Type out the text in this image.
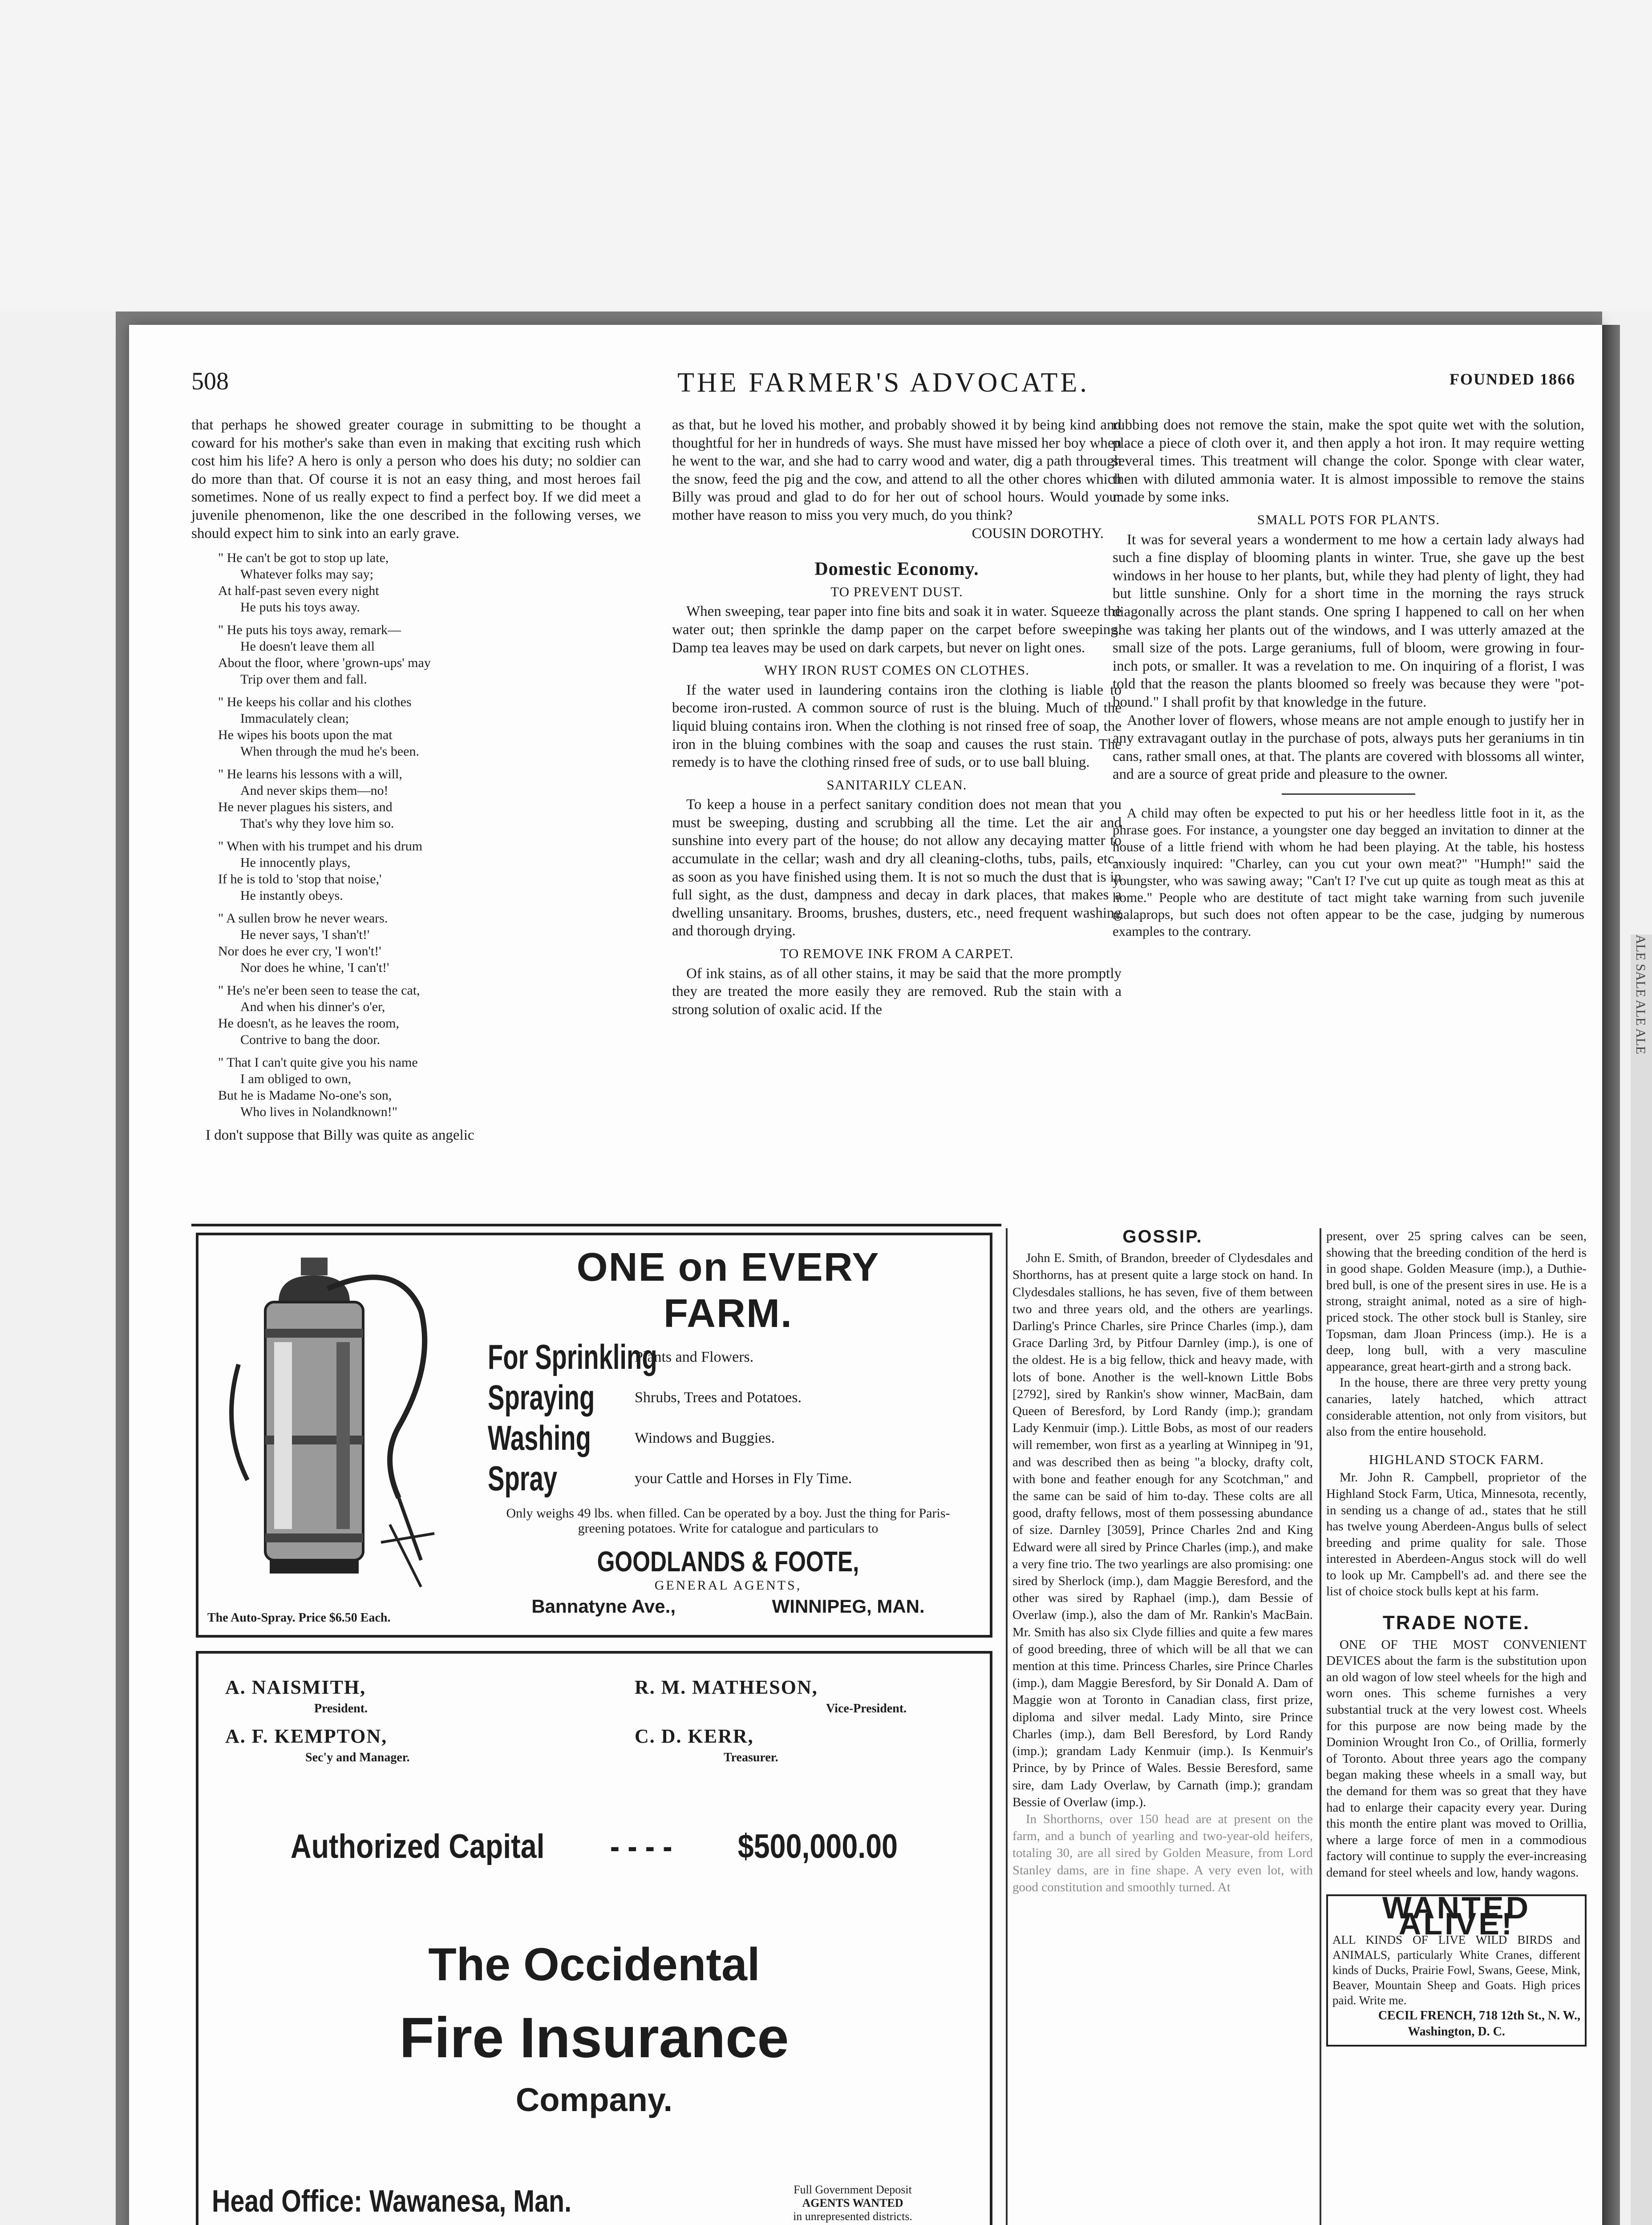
ALE SALE ALE ALE
508	THE FARMER'S ADVOCATE.	FOUNDED 1866

that perhaps he showed greater courage in submitting to be thought a coward for his mother's sake than even in making that exciting rush which cost him his life? A hero is only a person who does his duty; no soldier can do more than that. Of course it is not an easy thing, and most heroes fail sometimes. None of us really expect to find a perfect boy. If we did meet a juvenile phenomenon, like the one described in the following verses, we should expect him to sink into an early grave.

" He can't be got to stop up late,
Whatever folks may say;
At half-past seven every night
He puts his toys away.
" He puts his toys away, remark—
He doesn't leave them all
About the floor, where 'grown-ups' may
Trip over them and fall.
" He keeps his collar and his clothes
Immaculately clean;
He wipes his boots upon the mat
When through the mud he's been.
" He learns his lessons with a will,
And never skips them—no!
He never plagues his sisters, and
That's why they love him so.
" When with his trumpet and his drum
He innocently plays,
If he is told to 'stop that noise,'
He instantly obeys.
" A sullen brow he never wears.
He never says, 'I shan't!'
Nor does he ever cry, 'I won't!'
Nor does he whine, 'I can't!'
" He's ne'er been seen to tease the cat,
And when his dinner's o'er,
He doesn't, as he leaves the room,
Contrive to bang the door.
" That I can't quite give you his name
I am obliged to own,
But he is Madame No-one's son,
Who lives in Nolandknown!"

I don't suppose that Billy was quite as angelic

as that, but he loved his mother, and probably showed it by being kind and thoughtful for her in hundreds of ways. She must have missed her boy when he went to the war, and she had to carry wood and water, dig a path through the snow, feed the pig and the cow, and attend to all the other chores which Billy was proud and glad to do for her out of school hours. Would your mother have reason to miss you very much, do you think?

COUSIN DOROTHY.
Domestic Economy.
TO PREVENT DUST.

When sweeping, tear paper into fine bits and soak it in water. Squeeze the water out; then sprinkle the damp paper on the carpet before sweeping. Damp tea leaves may be used on dark carpets, but never on light ones.

WHY IRON RUST COMES ON CLOTHES.

If the water used in laundering contains iron the clothing is liable to become iron-rusted. A common source of rust is the bluing. Much of the liquid bluing contains iron. When the clothing is not rinsed free of soap, the iron in the bluing combines with the soap and causes the rust stain. The remedy is to have the clothing rinsed free of suds, or to use ball bluing.

SANITARILY CLEAN.

To keep a house in a perfect sanitary condition does not mean that you must be sweeping, dusting and scrubbing all the time. Let the air and sunshine into every part of the house; do not allow any decaying matter to accumulate in the cellar; wash and dry all cleaning-cloths, tubs, pails, etc., as soon as you have finished using them. It is not so much the dust that is in full sight, as the dust, dampness and decay in dark places, that makes a dwelling unsanitary. Brooms, brushes, dusters, etc., need frequent washing and thorough drying.

TO REMOVE INK FROM A CARPET.

Of ink stains, as of all other stains, it may be said that the more promptly they are treated the more easily they are removed. Rub the stain with a strong solution of oxalic acid. If the

rubbing does not remove the stain, make the spot quite wet with the solution, place a piece of cloth over it, and then apply a hot iron. It may require wetting several times. This treatment will change the color. Sponge with clear water, then with diluted ammonia water. It is almost impossible to remove the stains made by some inks.

SMALL POTS FOR PLANTS.

It was for several years a wonderment to me how a certain lady always had such a fine display of blooming plants in winter. True, she gave up the best windows in her house to her plants, but, while they had plenty of light, they had but little sunshine. Only for a short time in the morning the rays struck diagonally across the plant stands. One spring I happened to call on her when she was taking her plants out of the windows, and I was utterly amazed at the small size of the pots. Large geraniums, full of bloom, were growing in four-inch pots, or smaller. It was a revelation to me. On inquiring of a florist, I was told that the reason the plants bloomed so freely was because they were "pot-bound." I shall profit by that knowledge in the future.

Another lover of flowers, whose means are not ample enough to justify her in any extravagant outlay in the purchase of pots, always puts her geraniums in tin cans, rather small ones, at that. The plants are covered with blossoms all winter, and are a source of great pride and pleasure to the owner.

A child may often be expected to put his or her heedless little foot in it, as the phrase goes. For instance, a youngster one day begged an invitation to dinner at the house of a little friend with whom he had been playing. At the table, his hostess anxiously inquired: "Charley, can you cut your own meat?" "Humph!" said the youngster, who was sawing away; "Can't I? I've cut up quite as tough meat as this at home." People who are destitute of tact might take warning from such juvenile malaprops, but such does not often appear to be the case, judging by numerous examples to the contrary.

The Auto-Spray. Price $6.50 Each.
ONE on EVERY
FARM.
For Sprinkling
Plants and Flowers.
Spraying	Shrubs, Trees and Potatoes.
Washing	Windows and Buggies.
Spray	your Cattle and Horses in Fly Time.
Only weighs 49 lbs. when filled. Can be operated by a boy. Just the thing for Paris-greening potatoes. Write for catalogue and particulars to
GOODLANDS & FOOTE,
GENERAL AGENTS,
Bannatyne Ave.,	WINNIPEG, MAN.
A. NAISMITH,
President.
R. M. MATHESON,
Vice-President.
A. F. KEMPTON,
Sec'y and Manager.
C. D. KERR,
Treasurer.
Authorized Capital - - - - $500,000.00
The Occidental
Fire Insurance
Company.
Head Office: Wawanesa, Man.	Full Government Deposit
AGENTS WANTED
in unrepresented districts.
GOSSIP.

John E. Smith, of Brandon, breeder of Clydesdales and Shorthorns, has at present quite a large stock on hand. In Clydesdales stallions, he has seven, five of them between two and three years old, and the others are yearlings. Darling's Prince Charles, sire Prince Charles (imp.), dam Grace Darling 3rd, by Pitfour Darnley (imp.), is one of the oldest. He is a big fellow, thick and heavy made, with lots of bone. Another is the well-known Little Bobs [2792], sired by Rankin's show winner, MacBain, dam Queen of Beresford, by Lord Randy (imp.); grandam Lady Kenmuir (imp.). Little Bobs, as most of our readers will remember, won first as a yearling at Winnipeg in '91, and was described then as being "a blocky, drafty colt, with bone and feather enough for any Scotchman," and the same can be said of him to-day. These colts are all good, drafty fellows, most of them possessing abundance of size. Darnley [3059], Prince Charles 2nd and King Edward were all sired by Prince Charles (imp.), and make a very fine trio. The two yearlings are also promising: one sired by Sherlock (imp.), dam Maggie Beresford, and the other was sired by Raphael (imp.), dam Bessie of Overlaw (imp.), also the dam of Mr. Rankin's MacBain. Mr. Smith has also six Clyde fillies and quite a few mares of good breeding, three of which will be all that we can mention at this time. Princess Charles, sire Prince Charles (imp.), dam Maggie Beresford, by Sir Donald A. Dam of Maggie won at Toronto in Canadian class, first prize, diploma and silver medal. Lady Minto, sire Prince Charles (imp.), dam Bell Beresford, by Lord Randy (imp.); grandam Lady Kenmuir (imp.). Is Kenmuir's Prince, by by Prince of Wales. Bessie Beresford, same sire, dam Lady Overlaw, by Carnath (imp.); grandam Bessie of Overlaw (imp.).

In Shorthorns, over 150 head are at present on the farm, and a bunch of yearling and two-year-old heifers, totaling 30, are all sired by Golden Measure, from Lord Stanley dams, are in fine shape. A very even lot, with good constitution and smoothly turned. At

present, over 25 spring calves can be seen, showing that the breeding condition of the herd is in good shape. Golden Measure (imp.), a Duthie-bred bull, is one of the present sires in use. He is a strong, straight animal, noted as a sire of high-priced stock. The other stock bull is Stanley, sire Topsman, dam Jloan Princess (imp.). He is a deep, long bull, with a very masculine appearance, great heart-girth and a strong back.

In the house, there are three very pretty young canaries, lately hatched, which attract considerable attention, not only from visitors, but also from the entire household.

HIGHLAND STOCK FARM.

Mr. John R. Campbell, proprietor of the Highland Stock Farm, Utica, Minnesota, recently, in sending us a change of ad., states that he still has twelve young Aberdeen-Angus bulls of select breeding and prime quality for sale. Those interested in Aberdeen-Angus stock will do well to look up Mr. Campbell's ad. and there see the list of choice stock bulls kept at his farm.

TRADE NOTE.

ONE OF THE MOST CONVENIENT DEVICES about the farm is the substitution upon an old wagon of low steel wheels for the high and worn ones. This scheme furnishes a very substantial truck at the very lowest cost. Wheels for this purpose are now being made by the Dominion Wrought Iron Co., of Orillia, formerly of Toronto. About three years ago the company began making these wheels in a small way, but the demand for them was so great that they have had to enlarge their capacity every year. During this month the entire plant was moved to Orillia, where a large force of men in a commodious factory will continue to supply the ever-increasing demand for steel wheels and low, handy wagons.

WANTED ALIVE!
ALL KINDS OF LIVE WILD BIRDS and ANIMALS, particularly White Cranes, different kinds of Ducks, Prairie Fowl, Swans, Geese, Mink, Beaver, Mountain Sheep and Goats. High prices paid. Write me.
CECIL FRENCH, 718 12th St., N. W.,
Washington, D. C.
